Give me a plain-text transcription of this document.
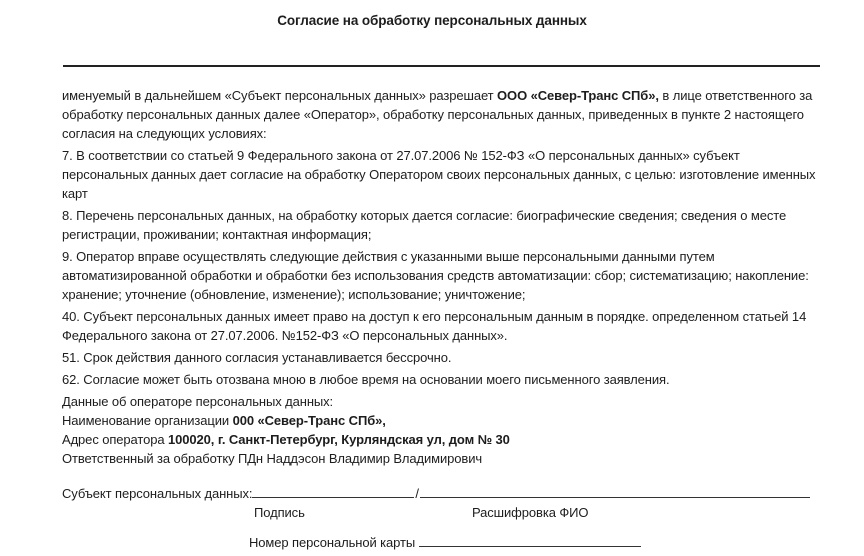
Согласие на обработку персональных данных

именуемый в дальнейшем «Субъект персональных данных» разрешает ООО «Север-Транс СПб», в лице ответственного за обработку персональных данных далее «Оператор», обработку персональных данных, приведенных в пункте 2 настоящего согласия на следующих условиях:

7. В соответствии со статьей 9 Федерального закона от 27.07.2006 № 152-ФЗ «О персональных данных» субъект персональных данных дает согласие на обработку Оператором своих персональных данных, с целью: изготовление именных карт

8. Перечень персональных данных, на обработку которых дается согласие: биографические сведения; сведения о месте регистрации, проживании; контактная информация;

9. Оператор вправе осуществлять следующие действия с указанными выше персональными данными путем автоматизированной обработки и обработки без использования средств автоматизации: сбор; систематизацию; накопление: хранение; уточнение (обновление, изменение); использование; уничтожение;

40. Субъект персональных данных имеет право на доступ к его персональным данным в порядке. определенном статьей 14 Федерального закона от 27.07.2006. №152-ФЗ «О персональных данных».

51. Срок действия данного согласия устанавливается бессрочно.

62. Согласие может быть отозвана мною в любое время на основании моего письменного заявления.

Данные об операторе персональных данных:
Наименование организации 000 «Север-Транс СПб»,
Адрес оператора 100020, г. Санкт-Петербург, Курляндская ул, дом № 30
Ответственный за обработку ПДн Наддэсон Владимир Владимирович
Субъект персональных данных:	/
Подпись	Расшифровка ФИО
Номер персональной карты
